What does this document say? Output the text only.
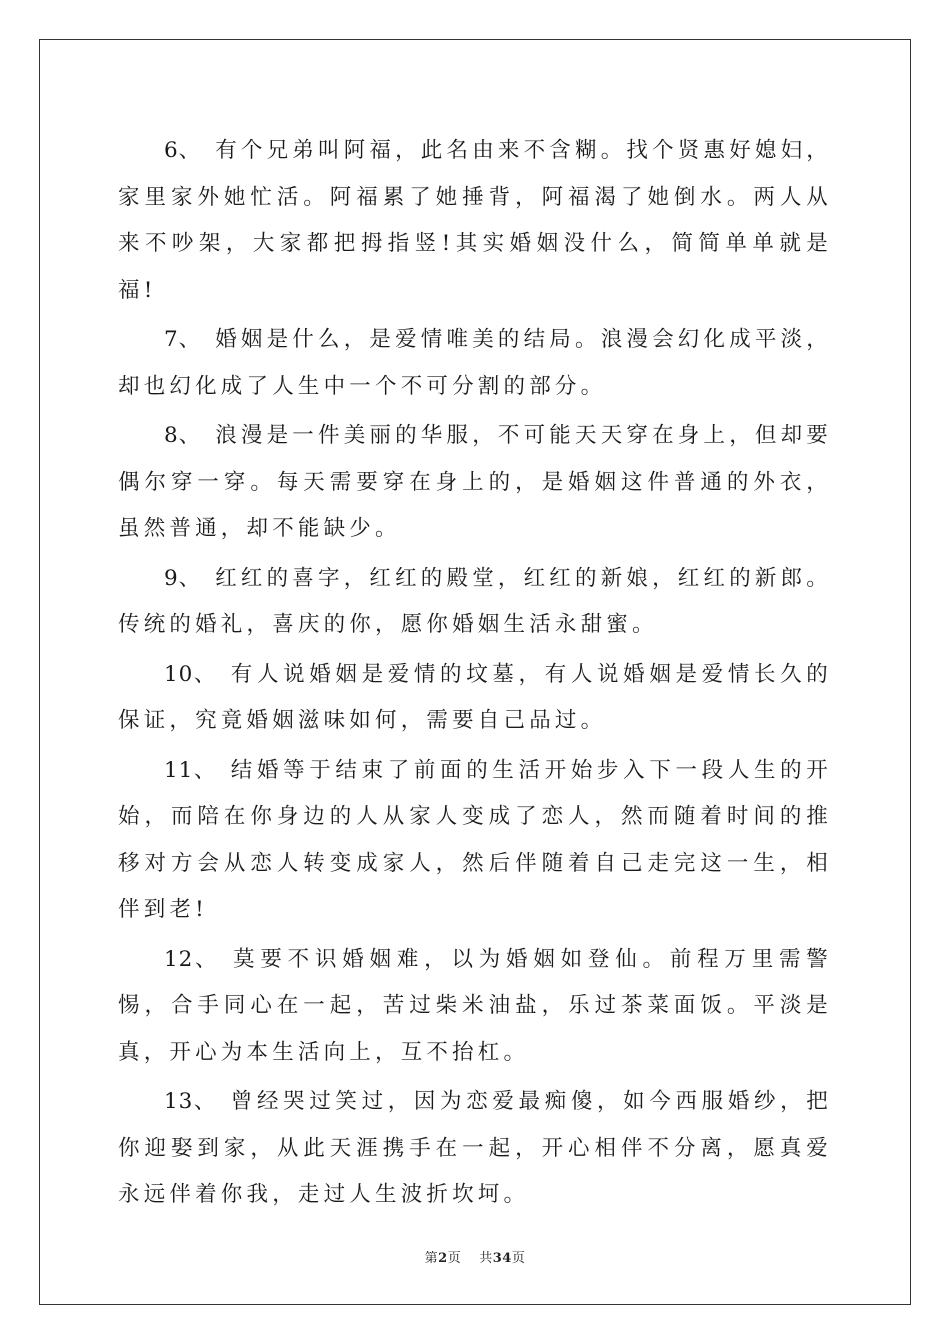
6、 有个兄弟叫阿福，此名由来不含糊。找个贤惠好媳妇，家里家外她忙活。阿福累了她捶背，阿福渴了她倒水。两人从来不吵架，大家都把拇指竖!其实婚姻没什么，简简单单就是福!

7、 婚姻是什么，是爱情唯美的结局。浪漫会幻化成平淡，却也幻化成了人生中一个不可分割的部分。

8、 浪漫是一件美丽的华服，不可能天天穿在身上，但却要偶尔穿一穿。每天需要穿在身上的，是婚姻这件普通的外衣，虽然普通，却不能缺少。

9、 红红的喜字，红红的殿堂，红红的新娘，红红的新郎。传统的婚礼，喜庆的你，愿你婚姻生活永甜蜜。

10、 有人说婚姻是爱情的坟墓，有人说婚姻是爱情长久的保证，究竟婚姻滋味如何，需要自己品过。

11、 结婚等于结束了前面的生活开始步入下一段人生的开始，而陪在你身边的人从家人变成了恋人，然而随着时间的推移对方会从恋人转变成家人，然后伴随着自己走完这一生，相伴到老!

12、 莫要不识婚姻难，以为婚姻如登仙。前程万里需警惕，合手同心在一起，苦过柴米油盐，乐过茶菜面饭。平淡是真，开心为本生活向上，互不抬杠。

13、 曾经哭过笑过，因为恋爱最痴傻，如今西服婚纱，把你迎娶到家，从此天涯携手在一起，开心相伴不分离，愿真爱永远伴着你我，走过人生波折坎坷。

第2页 共34页
